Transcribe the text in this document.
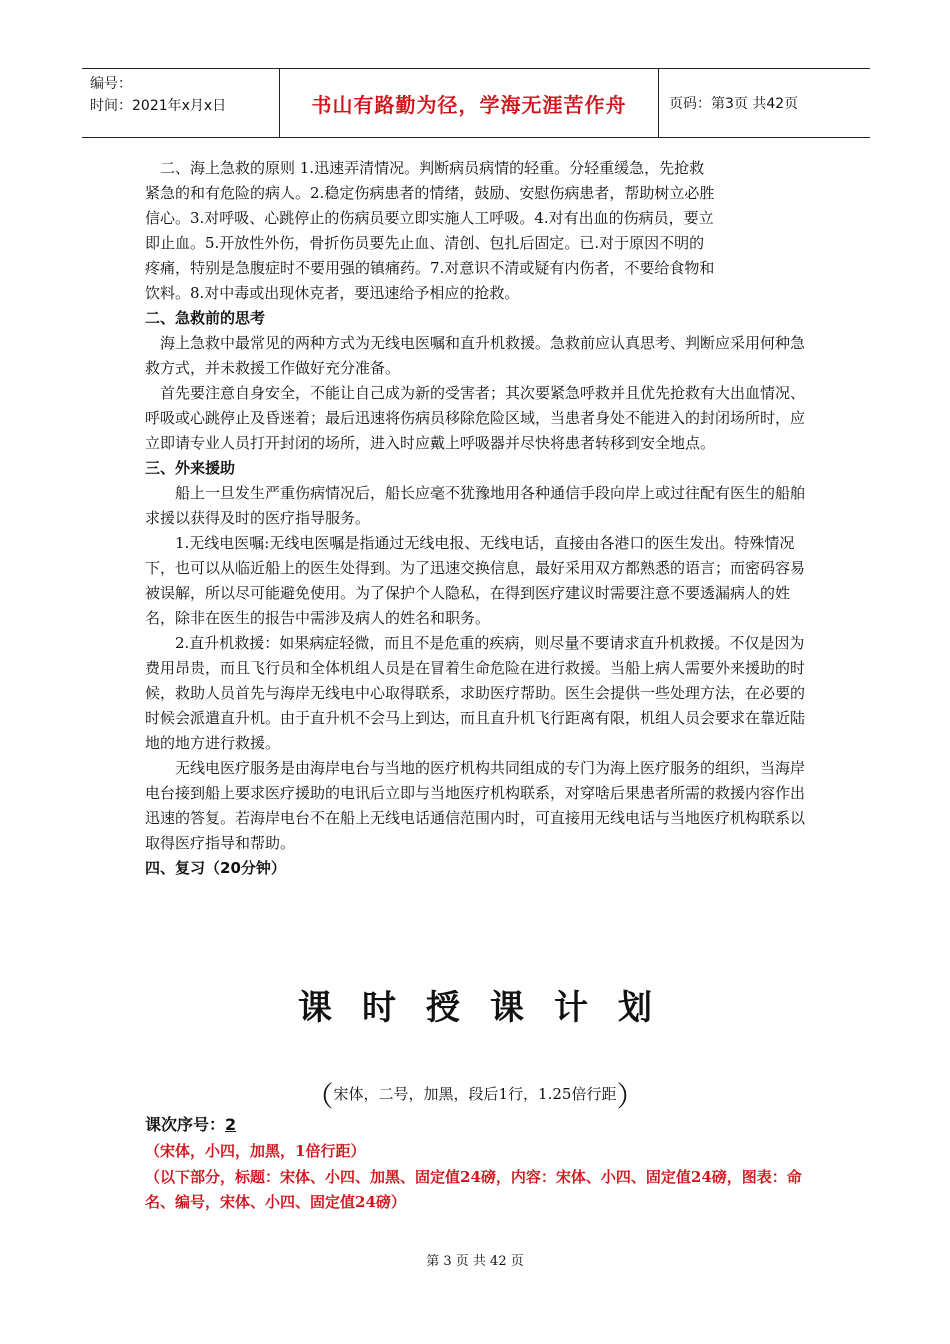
编号：
时间：2021年x月x日	书山有路勤为径，学海无涯苦作舟	页码：第3页 共42页

二、海上急救的原则 1.迅速弄清情况。判断病员病情的轻重。分轻重缓急，先抢救紧急的和有危险的病人。2.稳定伤病患者的情绪，鼓励、安慰伤病患者，帮助树立必胜信心。3.对呼吸、心跳停止的伤病员要立即实施人工呼吸。4.对有出血的伤病员，要立即止血。5.开放性外伤，骨折伤员要先止血、清创、包扎后固定。已.对于原因不明的疼痛，特别是急腹症时不要用强的镇痛药。7.对意识不清或疑有内伤者，不要给食物和饮料。8.对中毒或出现休克者，要迅速给予相应的抢救。

二、急救前的思考

海上急救中最常见的两种方式为无线电医嘱和直升机救援。急救前应认真思考、判断应采用何种急救方式，并未救援工作做好充分准备。

首先要注意自身安全，不能让自己成为新的受害者；其次要紧急呼救并且优先抢救有大出血情况、呼吸或心跳停止及昏迷着；最后迅速将伤病员移除危险区域，当患者身处不能进入的封闭场所时，应立即请专业人员打开封闭的场所，进入时应戴上呼吸器并尽快将患者转移到安全地点。

三、外来援助

船上一旦发生严重伤病情况后，船长应毫不犹豫地用各种通信手段向岸上或过往配有医生的船舶求援以获得及时的医疗指导服务。

1.无线电医嘱:无线电医嘱是指通过无线电报、无线电话，直接由各港口的医生发出。特殊情况下，也可以从临近船上的医生处得到。为了迅速交换信息，最好采用双方都熟悉的语言；而密码容易被误解，所以尽可能避免使用。为了保护个人隐私，在得到医疗建议时需要注意不要透漏病人的姓名，除非在医生的报告中需涉及病人的姓名和职务。

2.直升机救援：如果病症轻微，而且不是危重的疾病，则尽量不要请求直升机救援。不仅是因为费用昂贵，而且飞行员和全体机组人员是在冒着生命危险在进行救援。当船上病人需要外来援助的时候，救助人员首先与海岸无线电中心取得联系，求助医疗帮助。医生会提供一些处理方法，在必要的时候会派遣直升机。由于直升机不会马上到达，而且直升机飞行距离有限，机组人员会要求在靠近陆地的地方进行救援。

无线电医疗服务是由海岸电台与当地的医疗机构共同组成的专门为海上医疗服务的组织，当海岸电台接到船上要求医疗援助的电讯后立即与当地医疗机构联系，对穿啥后果患者所需的救援内容作出迅速的答复。若海岸电台不在船上无线电话通信范围内时，可直接用无线电话与当地医疗机构联系以取得医疗指导和帮助。

四、复习（20分钟）

课时授课计划
（宋体，二号，加黑，段后1行，1.25倍行距）
课次序号：2
（宋体，小四，加黑，1倍行距）
（以下部分，标题：宋体、小四、加黑、固定值24磅，内容：宋体、小四、固定值24磅，图表：命名、编号，宋体、小四、固定值24磅）
第 3 页 共 42 页
